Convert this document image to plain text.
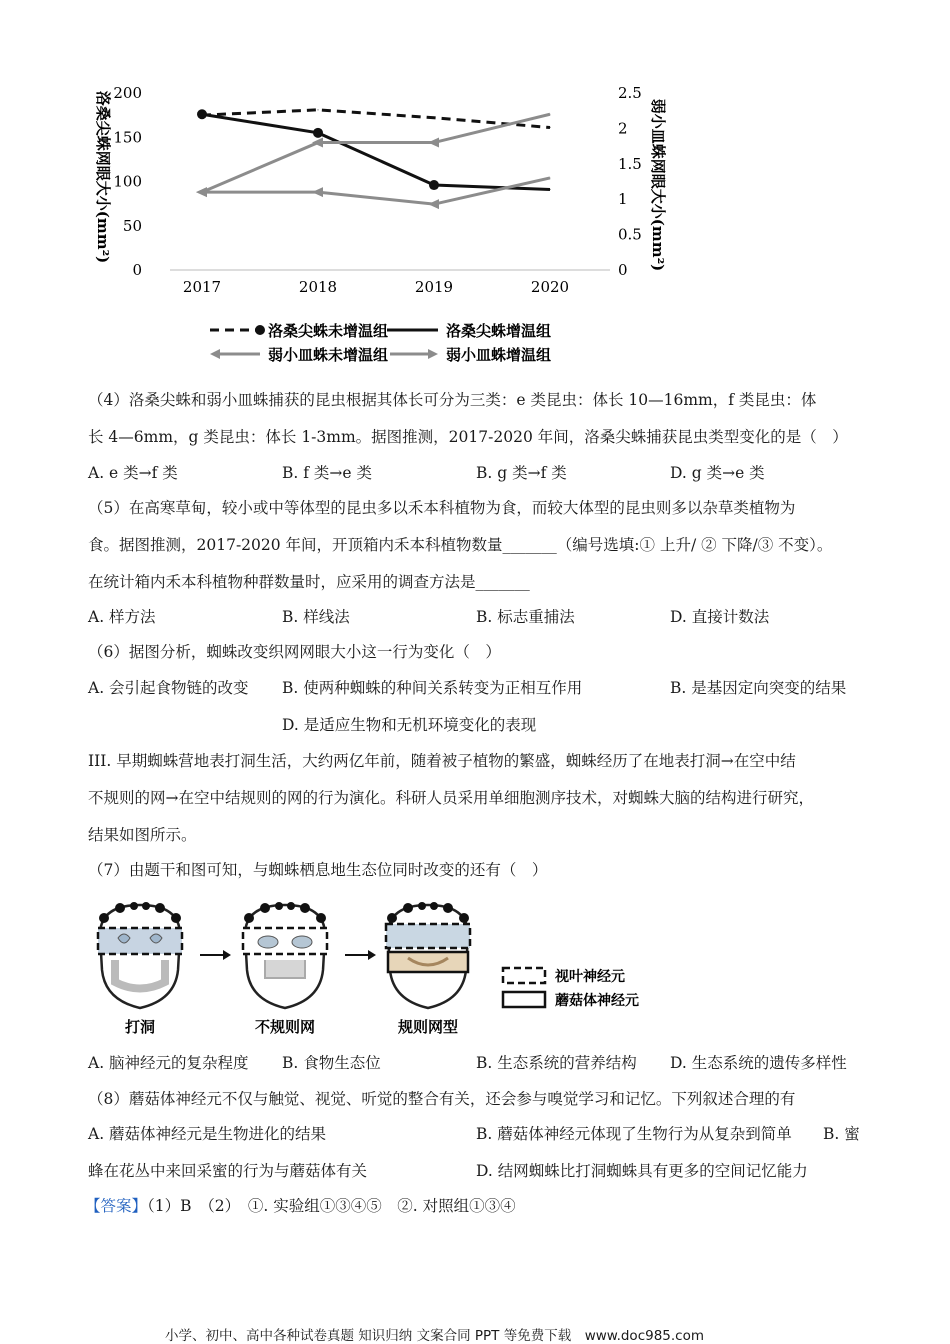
0
50
100
150
200
0
0.5
1
1.5
2
2.5
2017	2018	2019	2020
洛桑尖蛛网眼大小(mm²)	弱小皿蛛网眼大小(mm²)
洛桑尖蛛未增温组	洛桑尖蛛增温组
弱小皿蛛未增温组	弱小皿蛛增温组
（4）洛桑尖蛛和弱小皿蛛捕获的昆虫根据其体长可分为三类：e 类昆虫：体长 10—16mm，f 类昆虫：体
长 4—6mm，g 类昆虫：体长 1-3mm。据图推测，2017-2020 年间，洛桑尖蛛捕获昆虫类型变化的是（　）
A. e 类→f 类	B. f 类→e 类	B. g 类→f 类	D. g 类→e 类
（5）在高寒草甸，较小或中等体型的昆虫多以禾本科植物为食，而较大体型的昆虫则多以杂草类植物为
食。据图推测，2017-2020 年间，开顶箱内禾本科植物数量_______（编号选填:① 上升/ ② 下降/③ 不变）。
在统计箱内禾本科植物种群数量时，应采用的调查方法是_______
A. 样方法	B. 样线法	B. 标志重捕法	D. 直接计数法
（6）据图分析，蜘蛛改变织网网眼大小这一行为变化（　）
A. 会引起食物链的改变 B. 使两种蜘蛛的种间关系转变为正相互作用	B. 是基因定向突变的结果
D. 是适应生物和无机环境变化的表现
III. 早期蜘蛛营地表打洞生活，大约两亿年前，随着被子植物的繁盛，蜘蛛经历了在地表打洞→在空中结
不规则的网→在空中结规则的网的行为演化。科研人员采用单细胞测序技术，对蜘蛛大脑的结构进行研究，
结果如图所示。
（7）由题干和图可知，与蜘蛛栖息地生态位同时改变的还有（　）
打洞	不规则网	规则网型
视叶神经元
蘑菇体神经元
A. 脑神经元的复杂程度 B. 食物生态位	B. 生态系统的营养结构 D. 生态系统的遗传多样性
（8）蘑菇体神经元不仅与触觉、视觉、听觉的整合有关，还会参与嗅觉学习和记忆。下列叙述合理的有
A. 蘑菇体神经元是生物进化的结果	B. 蘑菇体神经元体现了生物行为从复杂到简单 B. 蜜
蜂在花丛中来回采蜜的行为与蘑菇体有关	D. 结网蜘蛛比打洞蜘蛛具有更多的空间记忆能力
【答案】（1）B　（2）　①. 实验组①③④⑤　②. 对照组①③④
小学、初中、高中各种试卷真题 知识归纳 文案合同 PPT 等免费下载　www.doc985.com
